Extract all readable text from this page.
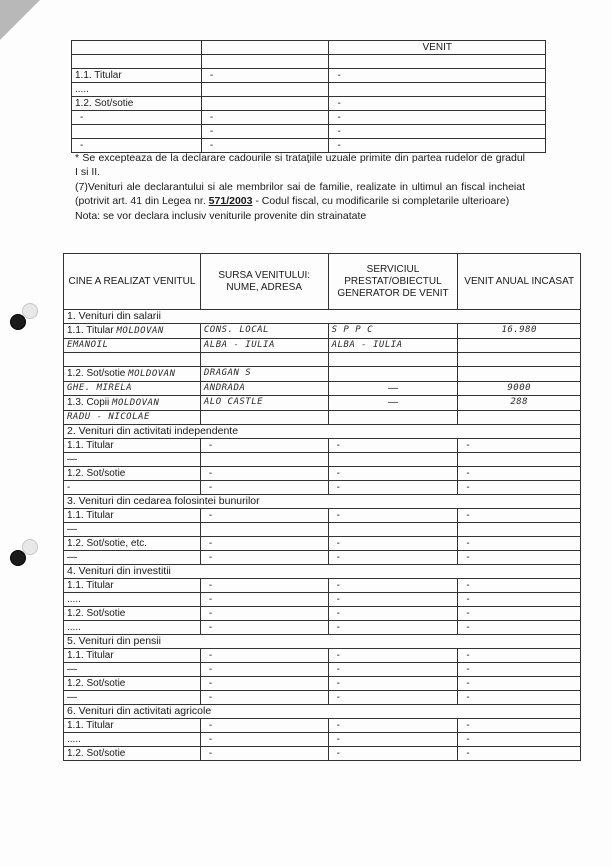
		VENIT

1.1. Titular	-	-
.....		
1.2. Sot/sotie		-
-	-	-
	-	-
-	-	-

* Se excepteaza de la declarare cadourile si trataţiile uzuale primite din partea rudelor de gradul I si II.

(7)Venituri ale declarantului si ale membrilor sai de familie, realizate in ultimul an fiscal incheiat (potrivit art. 41 din Legea nr. 571/2003 - Codul fiscal, cu modificarile si completarile ulterioare)

Nota: se vor declara inclusiv veniturile provenite din strainatate

CINE A REALIZAT VENITUL	SURSA VENITULUI: NUME, ADRESA	SERVICIUL PRESTAT/OBIECTUL GENERATOR DE VENIT	VENIT ANUAL INCASAT
1. Venituri din salarii			
1.1. Titular MOLDOVAN	CONS. LOCAL	S P P C	16.980
EMANOIL	ALBA - IULIA	ALBA - IULIA	

1.2. Sot/sotie MOLDOVAN	DRAGAN S		
GHE. MIRELA	ANDRADA	—	9000
1.3. Copii MOLDOVAN	ALO CASTLE	—	288
RADU - NICOLAE			
2. Venituri din activitati independente			
1.1. Titular	-	-	-
—			
1.2. Sot/sotie	-	-	-
-	-	-	-
3. Venituri din cedarea folosintei bunurilor			
1.1. Titular	-	-	-
—			
1.2. Sot/sotie, etc.	-	-	-
—	-	-	-
4. Venituri din investitii			
1.1. Titular	-	-	-
.....	-	-	-
1.2. Sot/sotie	-	-	-
.....	-	-	-
5. Venituri din pensii			
1.1. Titular	-	-	-
—	-	-	-
1.2. Sot/sotie	-	-	-
—	-	-	-
6. Venituri din activitati agricole			
1.1. Titular	-	-	-
.....	-	-	-
1.2. Sot/sotie	-	-	-
